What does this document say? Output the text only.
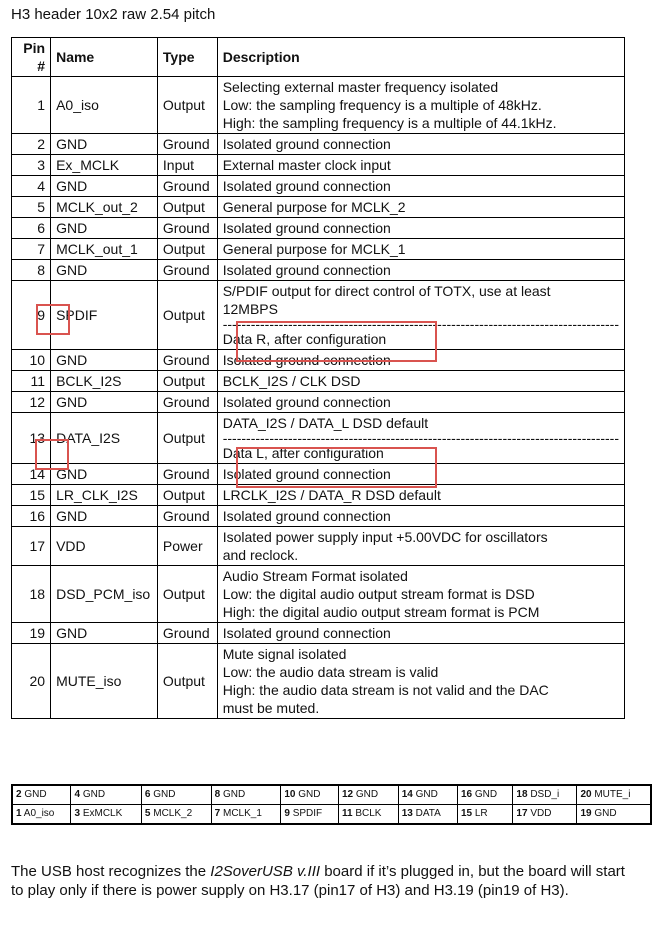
H3 header 10x2 raw 2.54 pitch
Pin #	Name	Type	Description
1	A0_iso	Output	Selecting external master frequency isolated
Low: the sampling frequency is a multiple of 48kHz.
High: the sampling frequency is a multiple of 44.1kHz.

2	GND	Ground	Isolated ground connection

3	Ex_MCLK	Input	External master clock input

4	GND	Ground	Isolated ground connection

5	MCLK_out_2	Output	General purpose for MCLK_2

6	GND	Ground	Isolated ground connection

7	MCLK_out_1	Output	General purpose for MCLK_1

8	GND	Ground	Isolated ground connection

9	SPDIF	Output	S/PDIF output for direct control of TOTX, use at least
12MBPS
-------------------------------------------------------------------------------------
Data R, after configuration

10	GND	Ground	Isolated ground connection

11	BCLK_I2S	Output	BCLK_I2S / CLK DSD

12	GND	Ground	Isolated ground connection

13	DATA_I2S	Output	DATA_I2S / DATA_L DSD default
-------------------------------------------------------------------------------------
Data L, after configuration

14	GND	Ground	Isolated ground connection

15	LR_CLK_I2S	Output	LRCLK_I2S / DATA_R DSD default

16	GND	Ground	Isolated ground connection

17	VDD	Power	Isolated power supply input +5.00VDC for oscillators
and reclock.

18	DSD_PCM_iso	Output	Audio Stream Format isolated
Low: the digital audio output stream format is DSD
High: the digital audio output stream format is PCM

19	GND	Ground	Isolated ground connection

20	MUTE_iso	Output	Mute signal isolated
Low: the audio data stream is valid
High: the audio data stream is not valid and the DAC
must be muted.
2 GND	4 GND	6 GND	8 GND	10 GND	12 GND	14 GND	16 GND	18 DSD_i	20 MUTE_i
1 A0_iso	3 ExMCLK	5 MCLK_2	7 MCLK_1	9 SPDIF	11 BCLK	13 DATA	15 LR	17 VDD	19 GND
The USB host recognizes the I2SoverUSB v.III board if it’s plugged in, but the board will start to play only if there is power supply on H3.17 (pin17 of H3) and H3.19 (pin19 of H3).
